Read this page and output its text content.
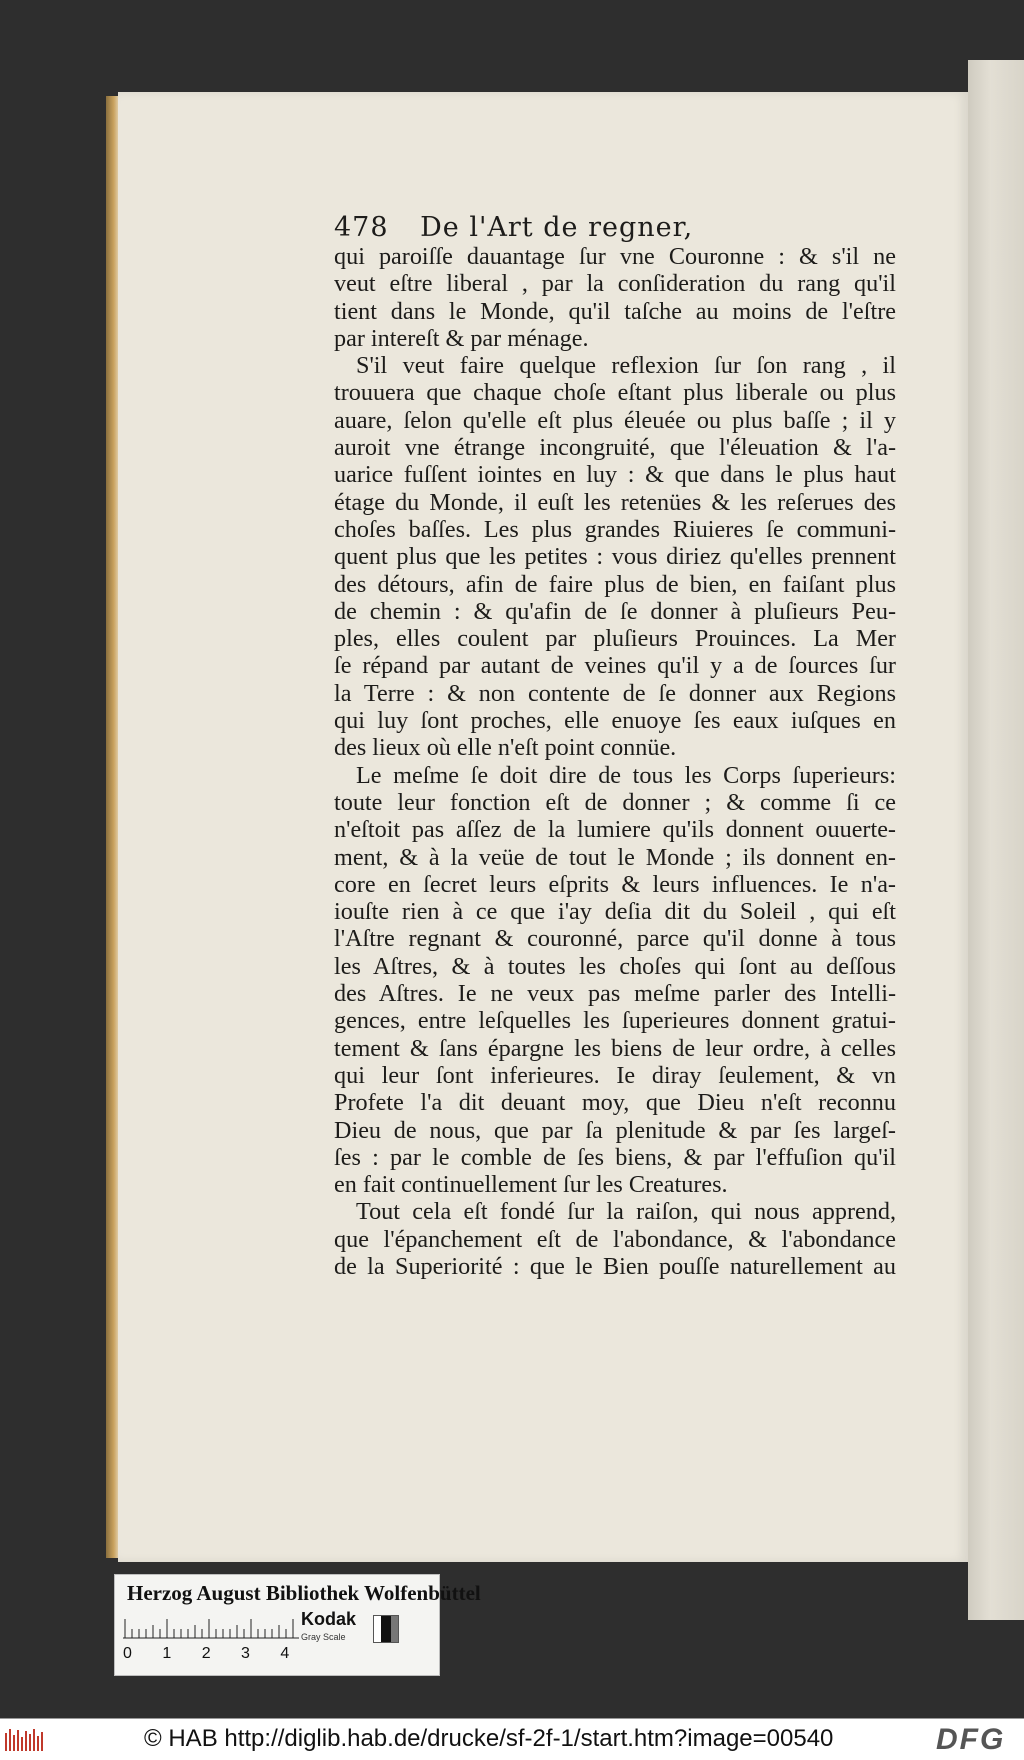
478 De l'Art de regner,

qui paroiſſe dauantage ſur vne Couronne : & s'il ne

veut eſtre liberal , par la conſideration du rang qu'il

tient dans le Monde, qu'il taſche au moins de l'eſtre

par intereſt & par ménage.

S'il veut faire quelque reflexion ſur ſon rang , il

trouuera que chaque choſe eſtant plus liberale ou plus

auare, ſelon qu'elle eſt plus éleuée ou plus baſſe ; il y

auroit vne étrange incongruité, que l'éleuation & l'a-

uarice fuſſent iointes en luy : & que dans le plus haut

étage du Monde, il euſt les retenües & les reſerues des

choſes baſſes. Les plus grandes Riuieres ſe communi-

quent plus que les petites : vous diriez qu'elles prennent

des détours, afin de faire plus de bien, en faiſant plus

de chemin : & qu'afin de ſe donner à pluſieurs Peu-

ples, elles coulent par pluſieurs Prouinces. La Mer

ſe répand par autant de veines qu'il y a de ſources ſur

la Terre : & non contente de ſe donner aux Regions

qui luy ſont proches, elle enuoye ſes eaux iuſques en

des lieux où elle n'eſt point connüe.

Le meſme ſe doit dire de tous les Corps ſuperieurs:

toute leur fonction eſt de donner ; & comme ſi ce

n'eſtoit pas aſſez de la lumiere qu'ils donnent ouuerte-

ment, & à la veüe de tout le Monde ; ils donnent en-

core en ſecret leurs eſprits & leurs influences. Ie n'a-

iouſte rien à ce que i'ay deſia dit du Soleil , qui eſt

l'Aſtre regnant & couronné, parce qu'il donne à tous

les Aſtres, & à toutes les choſes qui ſont au deſſous

des Aſtres. Ie ne veux pas meſme parler des Intelli-

gences, entre leſquelles les ſuperieures donnent gratui-

tement & ſans épargne les biens de leur ordre, à celles

qui leur ſont inferieures. Ie diray ſeulement, & vn

Profete l'a dit deuant moy, que Dieu n'eſt reconnu

Dieu de nous, que par ſa plenitude & par ſes largeſ-

ſes : par le comble de ſes biens, & par l'effuſion qu'il

en fait continuellement ſur les Creatures.

Tout cela eſt fondé ſur la raiſon, qui nous apprend,

que l'épanchement eſt de l'abondance, & l'abondance

de la Superiorité : que le Bien pouſſe naturellement au

Herzog August Bibliothek Wolfenbüttel
Kodak
Gray Scale
0 1 2 3 4
© HAB http://diglib.hab.de/drucke/sf-2f-1/start.htm?image=00540	DFG
